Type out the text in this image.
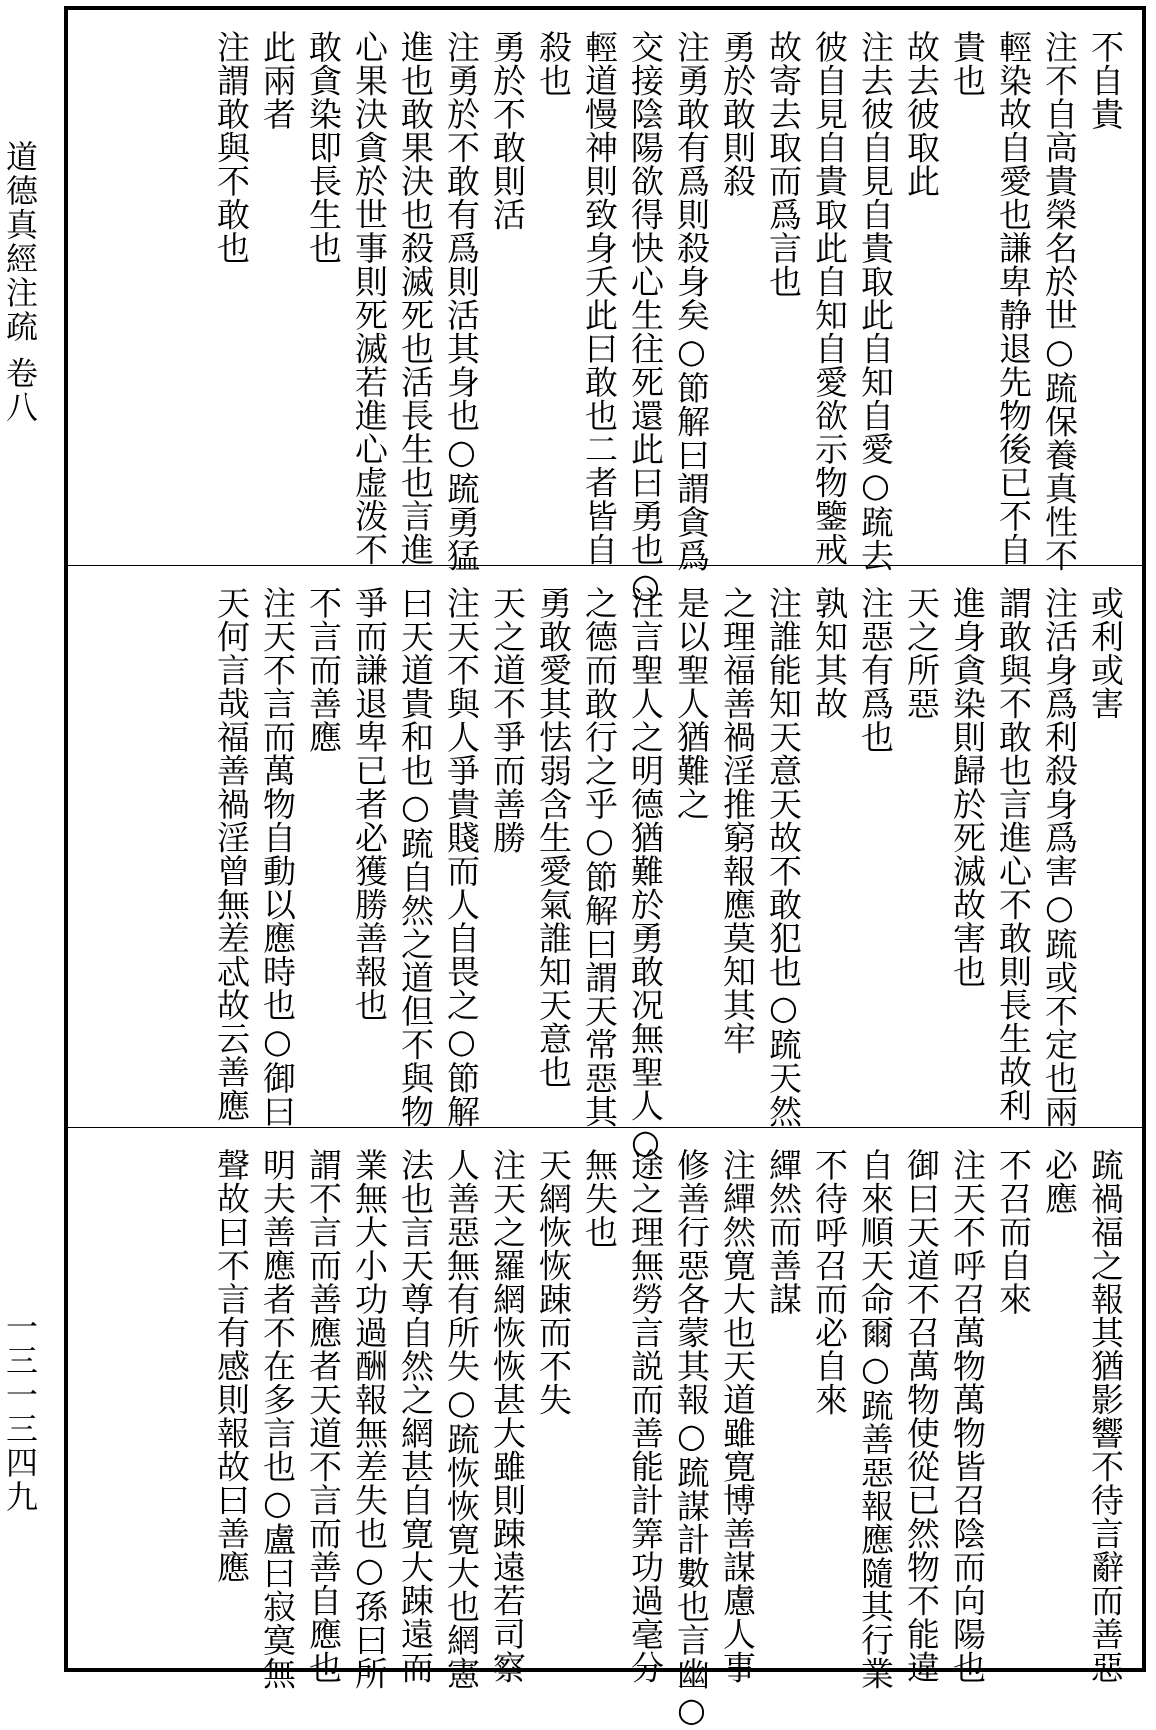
道德真經注疏 卷八
一三一三四九
不自貴
注不自高貴榮名於世○䟽保養真性不
輕染故自愛也謙卑静退先物後已不自
貴也
故去彼取此
注去彼自見自貴取此自知自愛○䟽去
彼自見自貴取此自知自愛欲示物鑒戒
故寄去取而爲言也
勇於敢則殺
注勇敢有爲則殺身矣○節解曰謂貪爲
交接陰陽欲得快心生往死還此曰勇也○
輕道慢神則致身夭此曰敢也二者皆自
殺也
勇於不敢則活
注勇於不敢有爲則活其身也○䟽勇猛
進也敢果決也殺滅死也活長生也言進
心果決貪於世事則死滅若進心虚泼不
敢貪染即長生也
此兩者
注謂敢與不敢也
或利或害
注活身爲利殺身爲害○䟽或不定也兩
謂敢與不敢也言進心不敢則長生故利
進身貪染則歸於死滅故害也
天之所惡
注惡有爲也
孰知其故
注誰能知天意天故不敢犯也○䟽天然
之理福善禍淫推窮報應莫知其牢
是以聖人猶難之
注言聖人之明德猶難於勇敢况無聖人○
之德而敢行之乎○節解曰謂天常惡其
勇敢愛其怯弱含生愛氣誰知天意也
天之道不爭而善勝
注天不與人爭貴賤而人自畏之○節解
曰天道貴和也○䟽自然之道但不與物
爭而謙退卑已者必獲勝善報也
不言而善應
注天不言而萬物自動以應時也○御曰
天何言哉福善禍淫曾無差忒故云善應
䟽禍福之報其猶影響不待言辭而善惡
必應
不召而自來
注天不呼召萬物萬物皆召陰而向陽也
御曰天道不召萬物使從已然物不能違
自來順天命爾○䟽善惡報應隨其行業
不待呼召而必自來
繟然而善謀
注繟然寛大也天道雖寛博善謀慮人事
修善行惡各蒙其報○䟽謀計數也言幽○
途之理無勞言説而善能計筭功過毫分
無失也
天網恢恢踈而不失
注天之羅網恢恢甚大雖則踈遠若司察
人善惡無有所失○䟽恢恢寛大也網憲
法也言天尊自然之網甚自寛大踈遠而
業無大小功過酬報無差失也○孫曰所
謂不言而善應者天道不言而善自應也
明夫善應者不在多言也○盧曰寂寞無
聲故曰不言有感則報故曰善應
